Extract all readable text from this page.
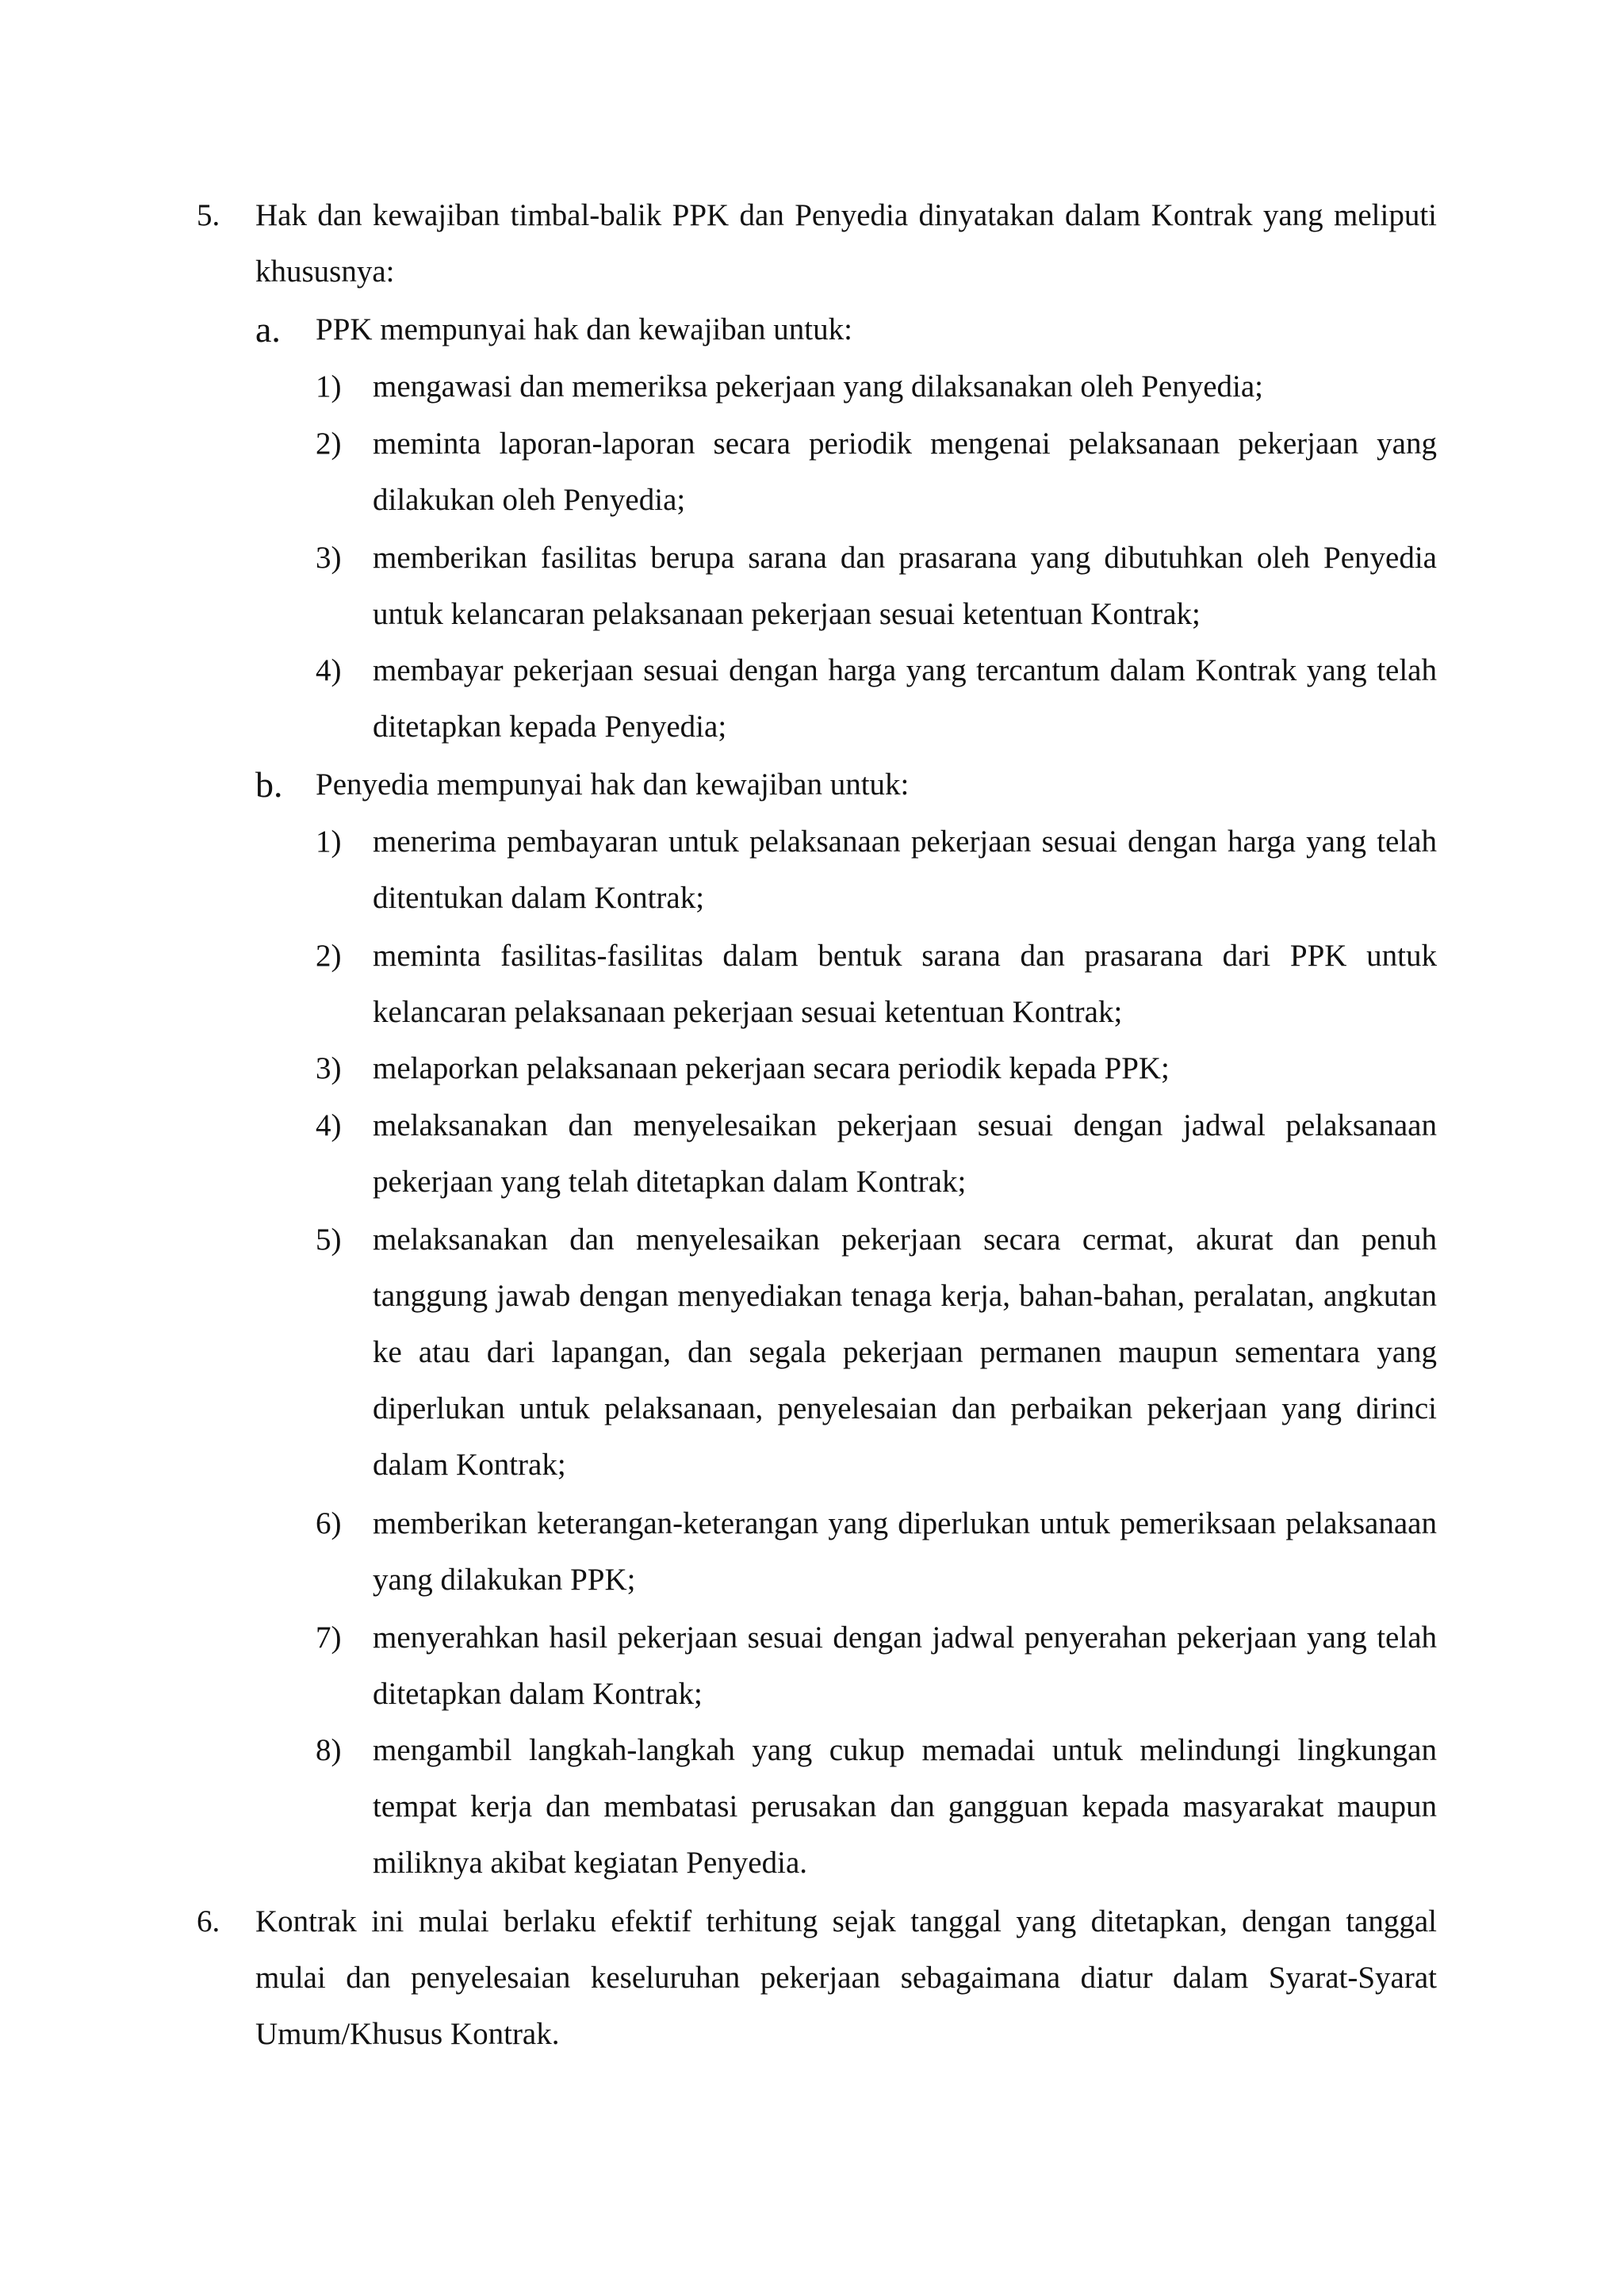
5. Hak dan kewajiban timbal-balik PPK dan Penyedia dinyatakan dalam Kontrak yang meliputi khususnya:
a. PPK mempunyai hak dan kewajiban untuk:
1) mengawasi dan memeriksa pekerjaan yang dilaksanakan oleh Penyedia;
2) meminta laporan-laporan secara periodik mengenai pelaksanaan pekerjaan yang dilakukan oleh Penyedia;
3) memberikan fasilitas berupa sarana dan prasarana yang dibutuhkan oleh Penyedia untuk kelancaran pelaksanaan pekerjaan sesuai ketentuan Kontrak;
4) membayar pekerjaan sesuai dengan harga yang tercantum dalam Kontrak yang telah ditetapkan kepada Penyedia;
b. Penyedia mempunyai hak dan kewajiban untuk:
1) menerima pembayaran untuk pelaksanaan pekerjaan sesuai dengan harga yang telah ditentukan dalam Kontrak;
2) meminta fasilitas-fasilitas dalam bentuk sarana dan prasarana dari PPK untuk kelancaran pelaksanaan pekerjaan sesuai ketentuan Kontrak;
3) melaporkan pelaksanaan pekerjaan secara periodik kepada PPK;
4) melaksanakan dan menyelesaikan pekerjaan sesuai dengan jadwal pelaksanaan pekerjaan yang telah ditetapkan dalam Kontrak;
5) melaksanakan dan menyelesaikan pekerjaan secara cermat, akurat dan penuh tanggung jawab dengan menyediakan tenaga kerja, bahan-bahan, peralatan, angkutan ke atau dari lapangan, dan segala pekerjaan permanen maupun sementara yang diperlukan untuk pelaksanaan, penyelesaian dan perbaikan pekerjaan yang dirinci dalam Kontrak;
6) memberikan keterangan-keterangan yang diperlukan untuk pemeriksaan pelaksanaan yang dilakukan PPK;
7) menyerahkan hasil pekerjaan sesuai dengan jadwal penyerahan pekerjaan yang telah ditetapkan dalam Kontrak;
8) mengambil langkah-langkah yang cukup memadai untuk melindungi lingkungan tempat kerja dan membatasi perusakan dan gangguan kepada masyarakat maupun miliknya akibat kegiatan Penyedia.
6. Kontrak ini mulai berlaku efektif terhitung sejak tanggal yang ditetapkan, dengan tanggal mulai dan penyelesaian keseluruhan pekerjaan sebagaimana diatur dalam Syarat-Syarat Umum/Khusus Kontrak.
